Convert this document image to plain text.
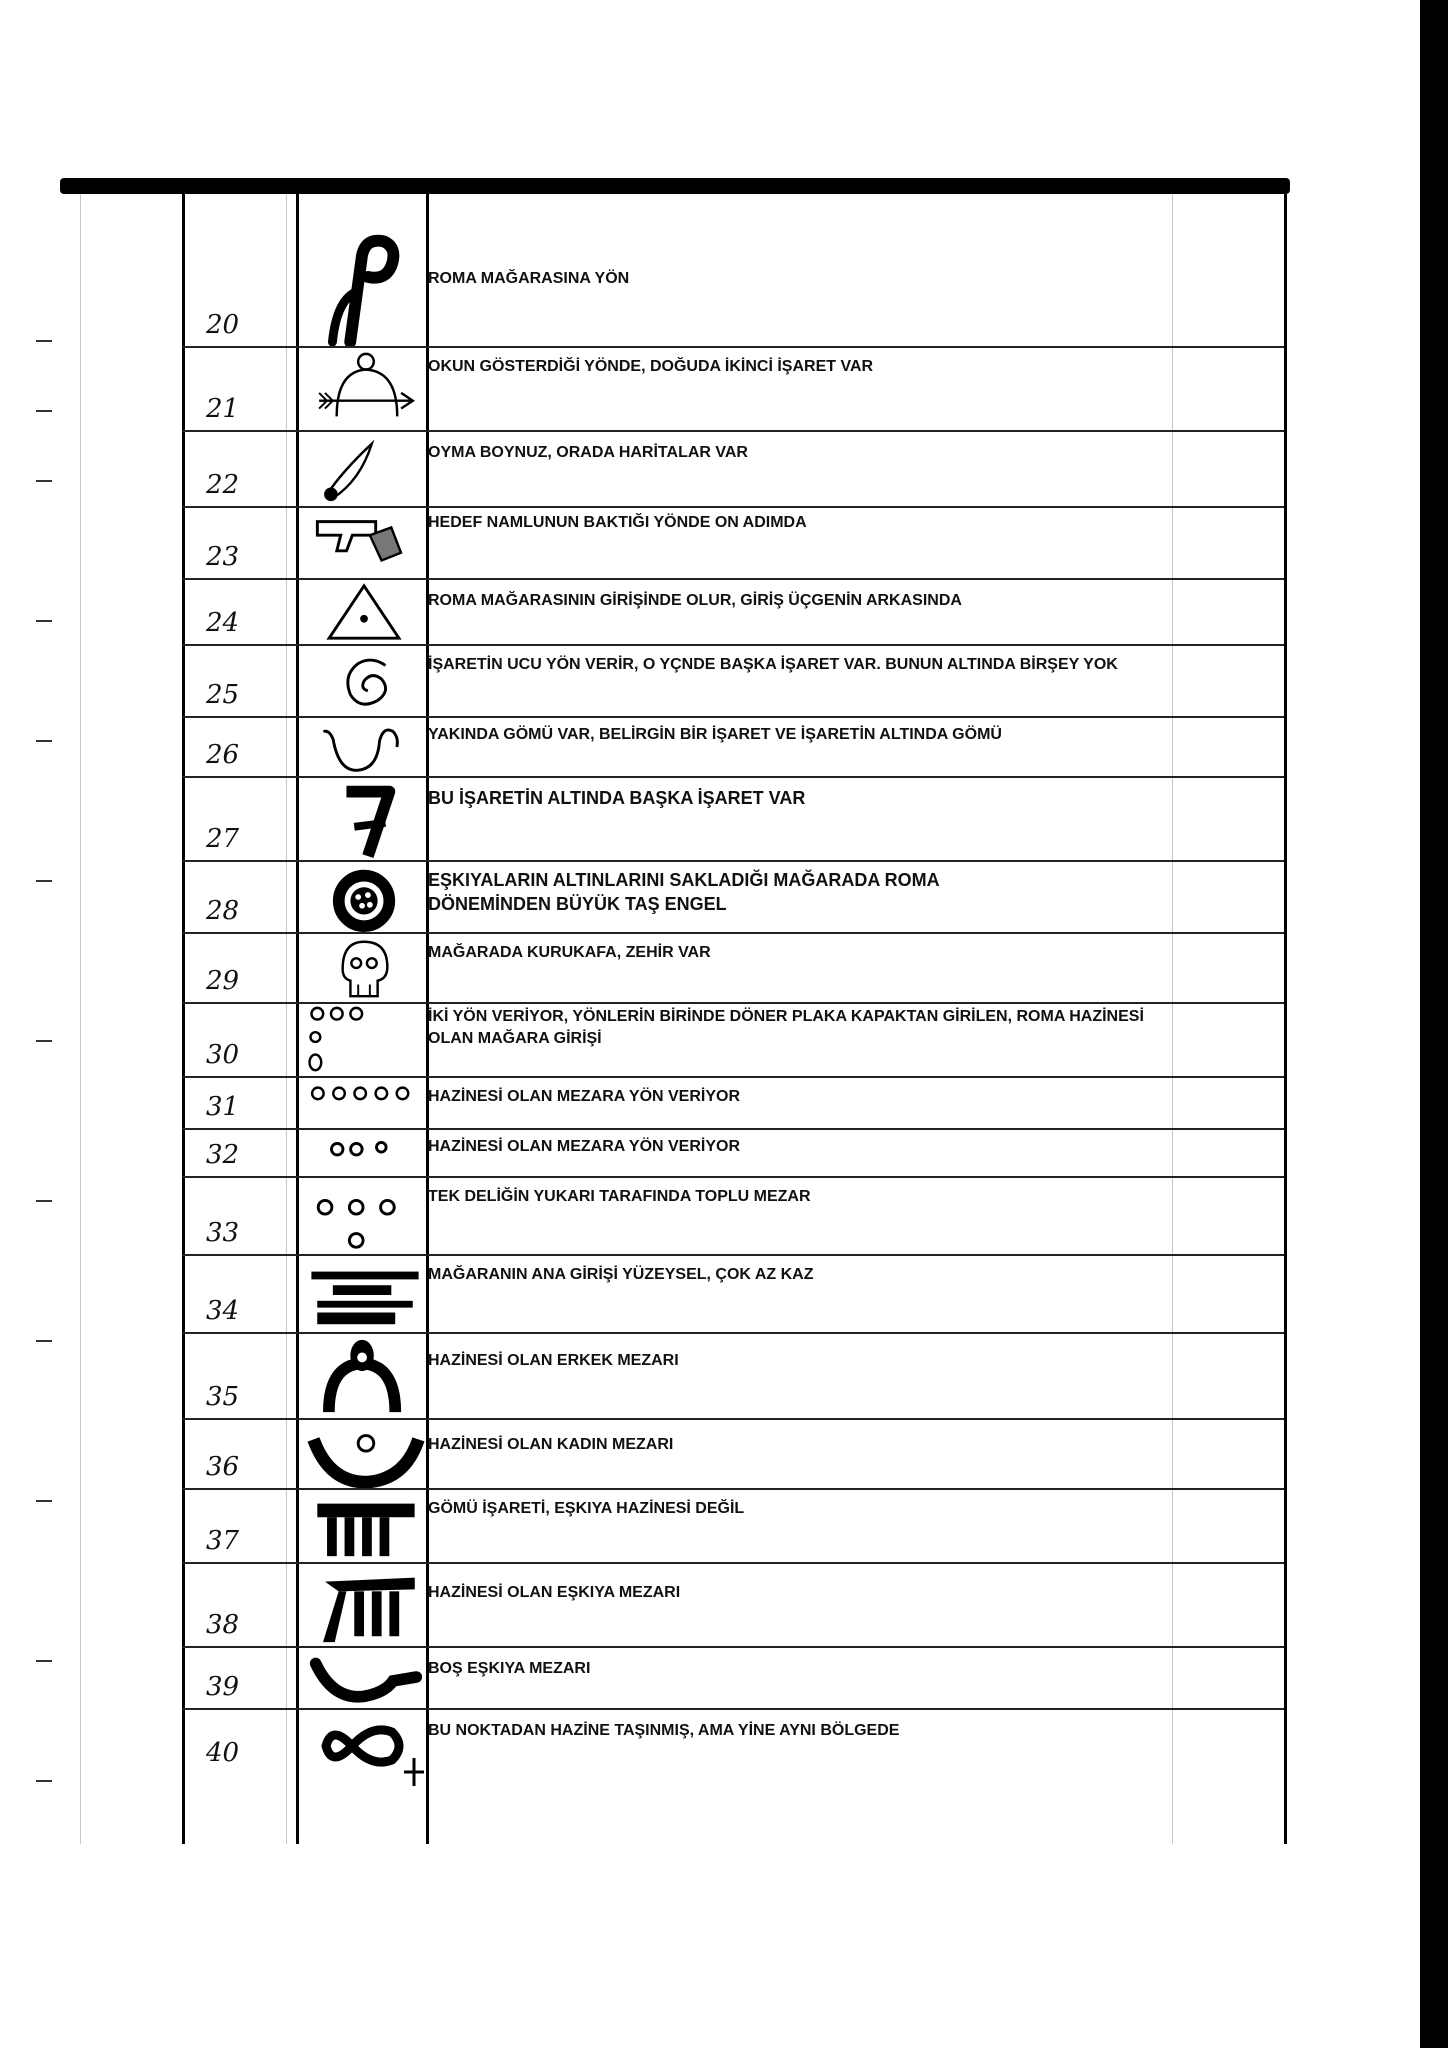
20
ROMA MAĞARASINA YÖN
21
OKUN GÖSTERDİĞİ YÖNDE, DOĞUDA İKİNCİ İŞARET VAR
22
OYMA BOYNUZ, ORADA HARİTALAR VAR
23
HEDEF NAMLUNUN BAKTIĞI YÖNDE ON ADIMDA
24
ROMA MAĞARASININ GİRİŞİNDE OLUR, GİRİŞ ÜÇGENİN ARKASINDA
25
İŞARETİN UCU YÖN VERİR, O YÇNDE BAŞKA İŞARET VAR. BUNUN ALTINDA BİRŞEY YOK
26
YAKINDA GÖMÜ VAR, BELİRGİN BİR İŞARET VE İŞARETİN ALTINDA GÖMÜ
27
BU İŞARETİN ALTINDA BAŞKA İŞARET VAR
28
EŞKIYALARIN ALTINLARINI SAKLADIĞI MAĞARADA ROMA
DÖNEMİNDEN BÜYÜK TAŞ ENGEL
29
MAĞARADA KURUKAFA, ZEHİR VAR
30
İKİ YÖN VERİYOR, YÖNLERİN BİRİNDE DÖNER PLAKA KAPAKTAN GİRİLEN, ROMA HAZİNESİ
OLAN MAĞARA GİRİŞİ
31	HAZİNESİ OLAN MEZARA YÖN VERİYOR
32	HAZİNESİ OLAN MEZARA YÖN VERİYOR
33
TEK DELİĞİN YUKARI TARAFINDA TOPLU MEZAR
34
MAĞARANIN ANA GİRİŞİ YÜZEYSEL, ÇOK AZ KAZ
35
HAZİNESİ OLAN ERKEK MEZARI
36
HAZİNESİ OLAN KADIN MEZARI
37
GÖMÜ İŞARETİ, EŞKIYA HAZİNESİ DEĞİL
38
HAZİNESİ OLAN EŞKIYA MEZARI
39
BOŞ EŞKIYA MEZARI
40
BU NOKTADAN HAZİNE TAŞINMIŞ, AMA YİNE AYNI BÖLGEDE
